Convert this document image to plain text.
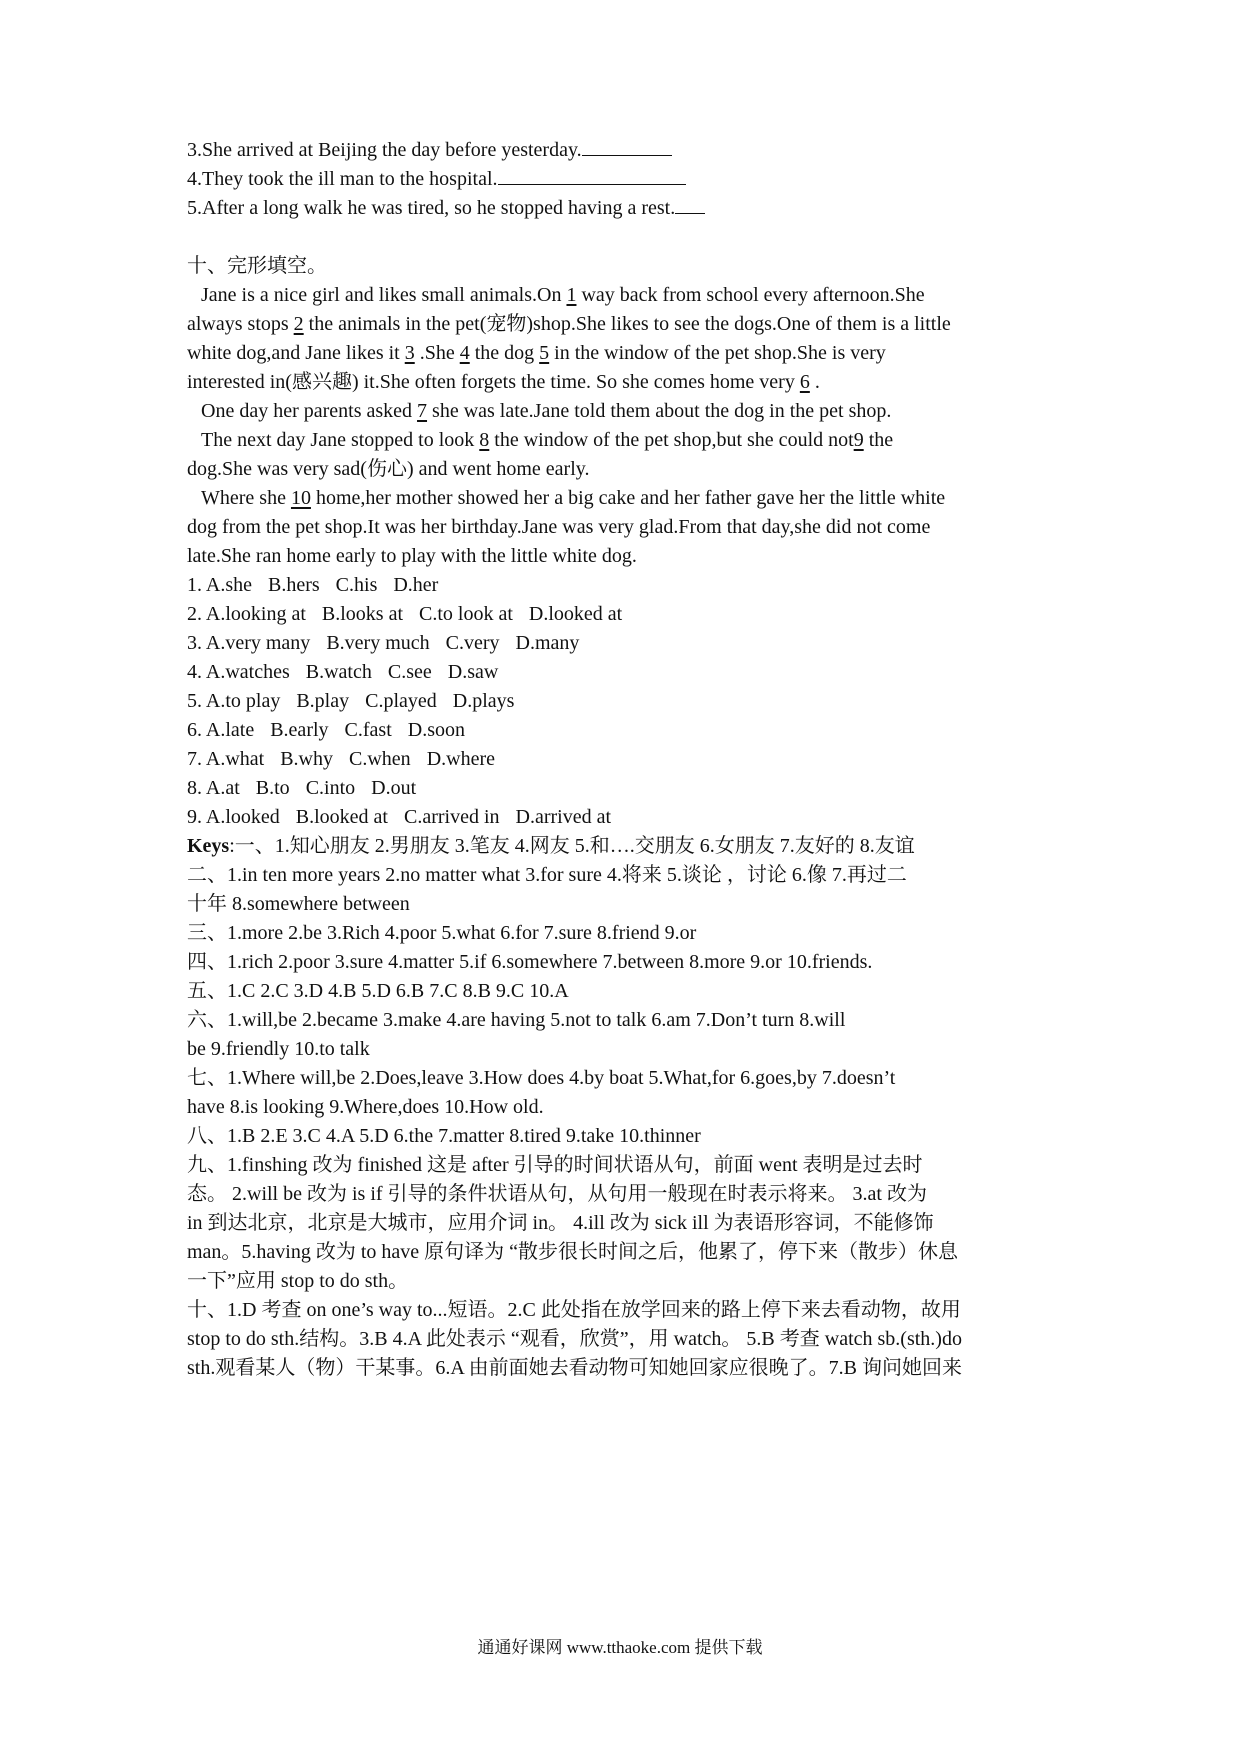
3.She arrived at Beijing the day before yesterday.
4.They took the ill man to the hospital.
5.After a long walk he was tired, so he stopped having a rest.
十、完形填空。
Jane is a nice girl and likes small animals.On 1 way back from school every afternoon.She
always stops 2 the animals in the pet(宠物)shop.She likes to see the dogs.One of them is a little
white dog,and Jane likes it 3 .She 4 the dog 5 in the window of the pet shop.She is very
interested in(感兴趣) it.She often forgets the time. So she comes home very 6 .
One day her parents asked 7 she was late.Jane told them about the dog in the pet shop.
The next day Jane stopped to look 8 the window of the pet shop,but she could not9 the
dog.She was very sad(伤心) and went home early.
Where she 10 home,her mother showed her a big cake and her father gave her the little white
dog from the pet shop.It was her birthday.Jane was very glad.From that day,she did not come
late.She ran home early to play with the little white dog.
1. A.she B.hers C.his D.her
2. A.looking at B.looks at C.to look at D.looked at
3. A.very many B.very much C.very D.many
4. A.watches B.watch C.see D.saw
5. A.to play B.play C.played D.plays
6. A.late B.early C.fast D.soon
7. A.what B.why C.when D.where
8. A.at B.to C.into D.out
9. A.looked B.looked at C.arrived in D.arrived at
Keys:一、1.知心朋友 2.男朋友 3.笔友 4.网友 5.和….交朋友 6.女朋友 7.友好的 8.友谊
二、1.in ten more years 2.no matter what 3.for sure 4.将来 5.谈论 ，讨论 6.像 7.再过二
十年 8.somewhere between
三、1.more 2.be 3.Rich 4.poor 5.what 6.for 7.sure 8.friend 9.or
四、1.rich 2.poor 3.sure 4.matter 5.if 6.somewhere 7.between 8.more 9.or 10.friends.
五、1.C 2.C 3.D 4.B 5.D 6.B 7.C 8.B 9.C 10.A
六、1.will,be 2.became 3.make 4.are having 5.not to talk 6.am 7.Don’t turn 8.will
be 9.friendly 10.to talk
七、1.Where will,be 2.Does,leave 3.How does 4.by boat 5.What,for 6.goes,by 7.doesn’t
have 8.is looking 9.Where,does 10.How old.
八、1.B 2.E 3.C 4.A 5.D 6.the 7.matter 8.tired 9.take 10.thinner
九、1.finshing 改为 finished 这是 after 引导的时间状语从句，前面 went 表明是过去时
态。 2.will be 改为 is if 引导的条件状语从句，从句用一般现在时表示将来。 3.at 改为
in 到达北京，北京是大城市，应用介词 in。 4.ill 改为 sick ill 为表语形容词，不能修饰
man。5.having 改为 to have 原句译为 “散步很长时间之后，他累了，停下来（散步）休息
一下”应用 stop to do sth。
十、1.D 考查 on one’s way to...短语。2.C 此处指在放学回来的路上停下来去看动物，故用
stop to do sth.结构。3.B 4.A 此处表示 “观看，欣赏”，用 watch。 5.B 考查 watch sb.(sth.)do
sth.观看某人（物）干某事。6.A 由前面她去看动物可知她回家应很晚了。7.B 询问她回来
通通好课网 www.tthaoke.com 提供下载
